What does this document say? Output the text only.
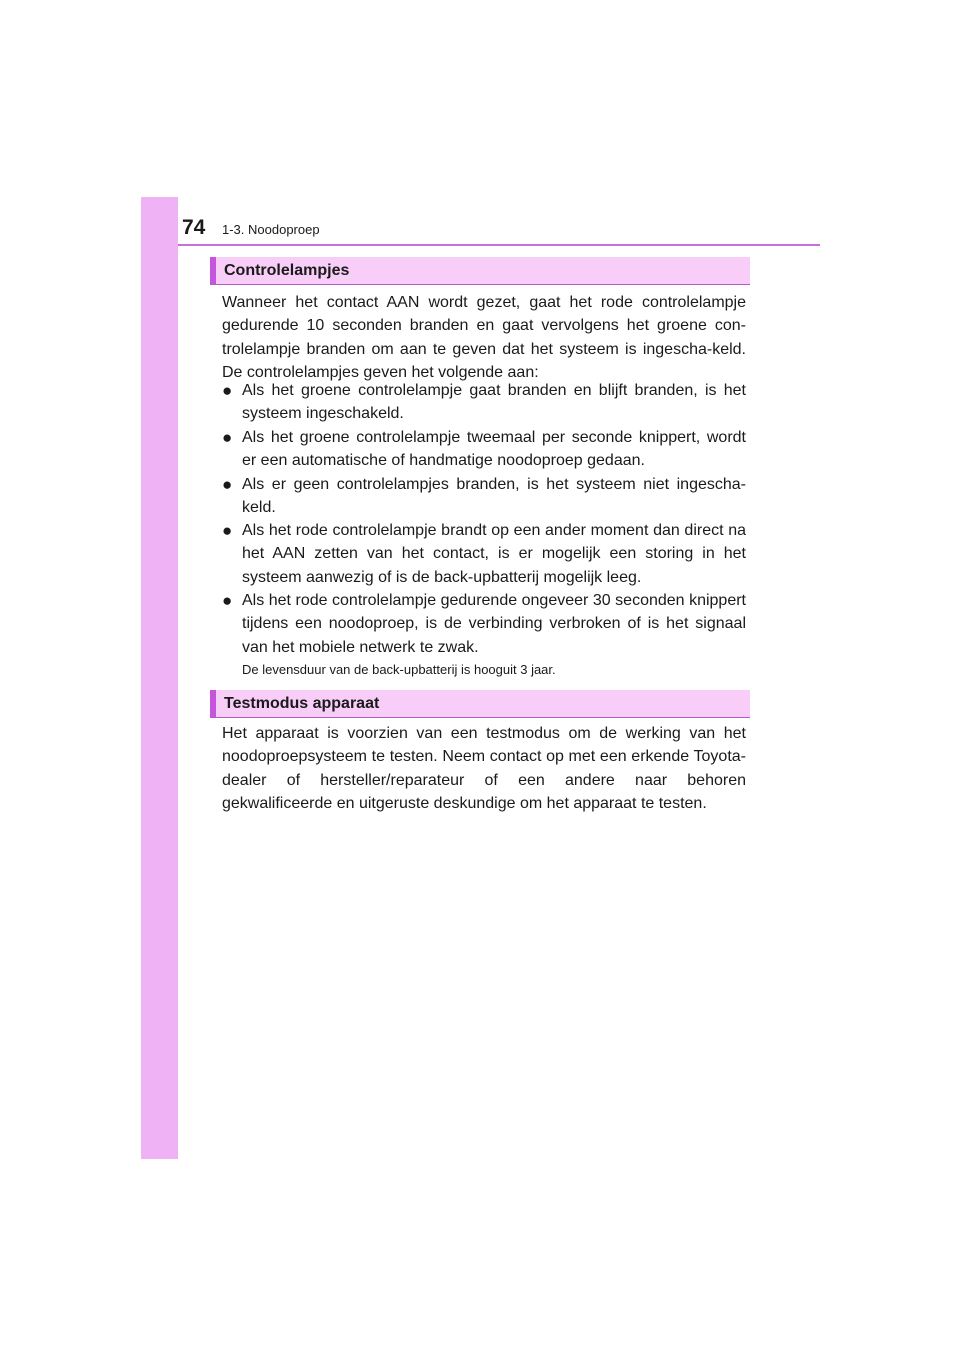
74 1-3. Noodoproep
Controlelampjes

Wanneer het contact AAN wordt gezet, gaat het rode controlelampje gedurende 10 seconden branden en gaat vervolgens het groene con-trolelampje branden om aan te geven dat het systeem is ingescha-keld. De controlelampjes geven het volgende aan:

● Als het groene controlelampje gaat branden en blijft branden, is het systeem ingeschakeld.
● Als het groene controlelampje tweemaal per seconde knippert, wordt er een automatische of handmatige noodoproep gedaan.
● Als er geen controlelampjes branden, is het systeem niet ingescha-keld.
● Als het rode controlelampje brandt op een ander moment dan direct na het AAN zetten van het contact, is er mogelijk een storing in het systeem aanwezig of is de back-upbatterij mogelijk leeg.
● Als het rode controlelampje gedurende ongeveer 30 seconden knippert tijdens een noodoproep, is de verbinding verbroken of is het signaal van het mobiele netwerk te zwak.
De levensduur van de back-upbatterij is hooguit 3 jaar.
Testmodus apparaat

Het apparaat is voorzien van een testmodus om de werking van het noodoproepsysteem te testen. Neem contact op met een erkende Toyota-dealer of hersteller/reparateur of een andere naar behoren gekwalificeerde en uitgeruste deskundige om het apparaat te testen.
